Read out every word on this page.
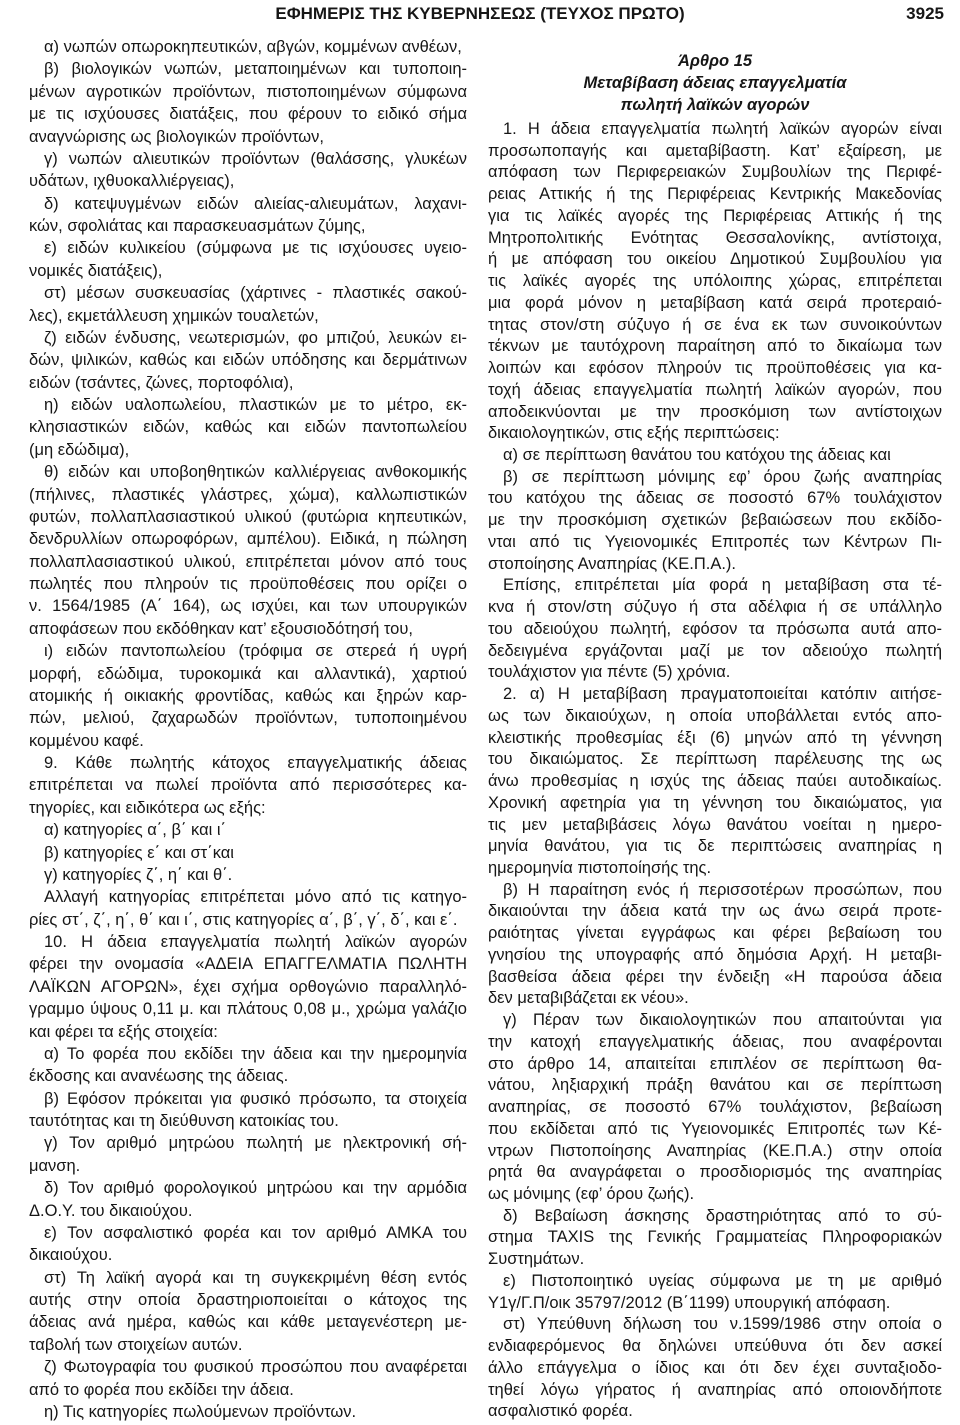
ΕΦΗΜΕΡΙΣ ΤΗΣ ΚΥΒΕΡΝΗΣΕΩΣ (ΤΕΥΧΟΣ ΠΡΩΤΟ)	3925
α) νωπών οπωροκηπευτικών, αβγών, κομμένων ανθέων,
β) βιολογικών νωπών, μεταποιημένων και τυποποιη-
μένων αγροτικών προϊόντων, πιστοποιημένων σύμφωνα
με τις ισχύουσες διατάξεις, που φέρουν το ειδικό σήμα
αναγνώρισης ως βιολογικών προϊόντων,
γ) νωπών αλιευτικών προϊόντων (θαλάσσης, γλυκέων
υδάτων, ιχθυοκαλλιέργειας),
δ) κατεψυγμένων ειδών αλιείας-αλιευμάτων, λαχανι-
κών, σφολιάτας και παρασκευασμάτων ζύμης,
ε) ειδών κυλικείου (σύμφωνα με τις ισχύουσες υγειο-
νομικές διατάξεις),
στ) μέσων συσκευασίας (χάρτινες - πλαστικές σακού-
λες), εκμετάλλευση χημικών τουαλετών,
ζ) ειδών ένδυσης, νεωτερισμών, φο μπιζού, λευκών ει-
δών, ψιλικών, καθώς και ειδών υπόδησης και δερμάτινων
ειδών (τσάντες, ζώνες, πορτοφόλια),
η) ειδών υαλοπωλείου, πλαστικών με το μέτρο, εκ-
κλησιαστικών ειδών, καθώς και ειδών παντοπωλείου
(μη εδώδιμα),
θ) ειδών και υποβοηθητικών καλλιέργειας ανθοκομικής
(πήλινες, πλαστικές γλάστρες, χώμα), καλλωπιστικών
φυτών, πολλαπλασιαστικού υλικού (φυτώρια κηπευτικών,
δενδρυλλίων οπωροφόρων, αμπέλου). Ειδικά, η πώληση
πολλαπλασιαστικού υλικού, επιτρέπεται μόνον από τους
πωλητές που πληρούν τις προϋποθέσεις που ορίζει ο
ν. 1564/1985 (Α΄ 164), ως ισχύει, και των υπουργικών
αποφάσεων που εκδόθηκαν κατ’ εξουσιοδότησή του,
ι) ειδών παντοπωλείου (τρόφιμα σε στερεά ή υγρή
μορφή, εδώδιμα, τυροκομικά και αλλαντικά), χαρτιού
ατομικής ή οικιακής φροντίδας, καθώς και ξηρών καρ-
πών, μελιού, ζαχαρωδών προϊόντων, τυποποιημένου
κομμένου καφέ.
9. Κάθε πωλητής κάτοχος επαγγελματικής άδειας
επιτρέπεται να πωλεί προϊόντα από περισσότερες κα-
τηγορίες, και ειδικότερα ως εξής:
α) κατηγορίες α΄, β΄ και ι΄
β) κατηγορίες ε΄ και στ΄και
γ) κατηγορίες ζ΄, η΄ και θ΄.
Αλλαγή κατηγορίας επιτρέπεται μόνο από τις κατηγο-
ρίες στ΄, ζ΄, η΄, θ΄ και ι΄, στις κατηγορίες α΄, β΄, γ΄, δ΄, και ε΄.
10. Η άδεια επαγγελματία πωλητή λαϊκών αγορών
φέρει την ονομασία «ΑΔΕΙΑ ΕΠΑΓΓΕΛΜΑΤΙΑ ΠΩΛΗΤΗ
ΛΑΪΚΩΝ ΑΓΟΡΩΝ», έχει σχήμα ορθογώνιο παραλληλό-
γραμμο ύψους 0,11 μ. και πλάτους 0,08 μ., χρώμα γαλάζιο
και φέρει τα εξής στοιχεία:
α) Το φορέα που εκδίδει την άδεια και την ημερομηνία
έκδοσης και ανανέωσης της άδειας.
β) Εφόσον πρόκειται για φυσικό πρόσωπο, τα στοιχεία
ταυτότητας και τη διεύθυνση κατοικίας του.
γ) Τον αριθμό μητρώου πωλητή με ηλεκτρονική σή-
μανση.
δ) Τον αριθμό φορολογικού μητρώου και την αρμόδια
Δ.Ο.Υ. του δικαιούχου.
ε) Τον ασφαλιστικό φορέα και τον αριθμό ΑΜΚΑ του
δικαιούχου.
στ) Τη λαϊκή αγορά και τη συγκεκριμένη θέση εντός
αυτής στην οποία δραστηριοποιείται ο κάτοχος της
άδειας ανά ημέρα, καθώς και κάθε μεταγενέστερη με-
ταβολή των στοιχείων αυτών.
ζ) Φωτογραφία του φυσικού προσώπου που αναφέρεται
από το φορέα που εκδίδει την άδεια.
η) Τις κατηγορίες πωλούμενων προϊόντων.
Άρθρο 15
Μεταβίβαση άδειας επαγγελματία
πωλητή λαϊκών αγορών
1. Η άδεια επαγγελματία πωλητή λαϊκών αγορών είναι
προσωποπαγής και αμεταβίβαστη. Κατ’ εξαίρεση, με
απόφαση των Περιφερειακών Συμβουλίων της Περιφέ-
ρειας Αττικής ή της Περιφέρειας Κεντρικής Μακεδονίας
για τις λαϊκές αγορές της Περιφέρειας Αττικής ή της
Μητροπολιτικής Ενότητας Θεσσαλονίκης, αντίστοιχα,
ή με απόφαση του οικείου Δημοτικού Συμβουλίου για
τις λαϊκές αγορές της υπόλοιπης χώρας, επιτρέπεται
μια φορά μόνον η μεταβίβαση κατά σειρά προτεραιό-
τητας στον/στη σύζυγο ή σε ένα εκ των συνοικούντων
τέκνων με ταυτόχρονη παραίτηση από το δικαίωμα των
λοιπών και εφόσον πληρούν τις προϋποθέσεις για κα-
τοχή άδειας επαγγελματία πωλητή λαϊκών αγορών, που
αποδεικνύονται με την προσκόμιση των αντίστοιχων
δικαιολογητικών, στις εξής περιπτώσεις:
α) σε περίπτωση θανάτου του κατόχου της άδειας και
β) σε περίπτωση μόνιμης εφ’ όρου ζωής αναπηρίας
του κατόχου της άδειας σε ποσοστό 67% τουλάχιστον
με την προσκόμιση σχετικών βεβαιώσεων που εκδίδο-
νται από τις Υγειονομικές Επιτροπές των Κέντρων Πι-
στοποίησης Αναπηρίας (ΚΕ.Π.Α.).
Επίσης, επιτρέπεται μία φορά η μεταβίβαση στα τέ-
κνα ή στον/στη σύζυγο ή στα αδέλφια ή σε υπάλληλο
του αδειούχου πωλητή, εφόσον τα πρόσωπα αυτά απο-
δεδειγμένα εργάζονται μαζί με τον αδειούχο πωλητή
τουλάχιστον για πέντε (5) χρόνια.
2. α) Η μεταβίβαση πραγματοποιείται κατόπιν αιτήσε-
ως των δικαιούχων, η οποία υποβάλλεται εντός απο-
κλειστικής προθεσμίας έξι (6) μηνών από τη γέννηση
του δικαιώματος. Σε περίπτωση παρέλευσης της ως
άνω προθεσμίας η ισχύς της άδειας παύει αυτοδικαίως.
Χρονική αφετηρία για τη γέννηση του δικαιώματος, για
τις μεν μεταβιβάσεις λόγω θανάτου νοείται η ημερο-
μηνία θανάτου, για τις δε περιπτώσεις αναπηρίας η
ημερομηνία πιστοποίησής της.
β) Η παραίτηση ενός ή περισσοτέρων προσώπων, που
δικαιούνται την άδεια κατά την ως άνω σειρά προτε-
ραιότητας γίνεται εγγράφως και φέρει βεβαίωση του
γνησίου της υπογραφής από δημόσια Αρχή. Η μεταβι-
βασθείσα άδεια φέρει την ένδειξη «Η παρούσα άδεια
δεν μεταβιβάζεται εκ νέου».
γ) Πέραν των δικαιολογητικών που απαιτούνται για
την κατοχή επαγγελματικής άδειας, που αναφέρονται
στο άρθρο 14, απαιτείται επιπλέον σε περίπτωση θα-
νάτου, ληξιαρχική πράξη θανάτου και σε περίπτωση
αναπηρίας, σε ποσοστό 67% τουλάχιστον, βεβαίωση
που εκδίδεται από τις Υγειονομικές Επιτροπές των Κέ-
ντρων Πιστοποίησης Αναπηρίας (ΚΕ.Π.Α.) στην οποία
ρητά θα αναγράφεται ο προσδιορισμός της αναπηρίας
ως μόνιμης (εφ’ όρου ζωής).
δ) Βεβαίωση άσκησης δραστηριότητας από το σύ-
στημα TAXIS της Γενικής Γραμματείας Πληροφοριακών
Συστημάτων.
ε) Πιστοποιητικό υγείας σύμφωνα με τη με αριθμό
Υ1γ/Γ.Π/οικ 35797/2012 (Β΄1199) υπουργική απόφαση.
στ) Υπεύθυνη δήλωση του ν.1599/1986 στην οποία ο
ενδιαφερόμενος θα δηλώνει υπεύθυνα ότι δεν ασκεί
άλλο επάγγελμα ο ίδιος και ότι δεν έχει συνταξιοδο-
τηθεί λόγω γήρατος ή αναπηρίας από οποιονδήποτε
ασφαλιστικό φορέα.
